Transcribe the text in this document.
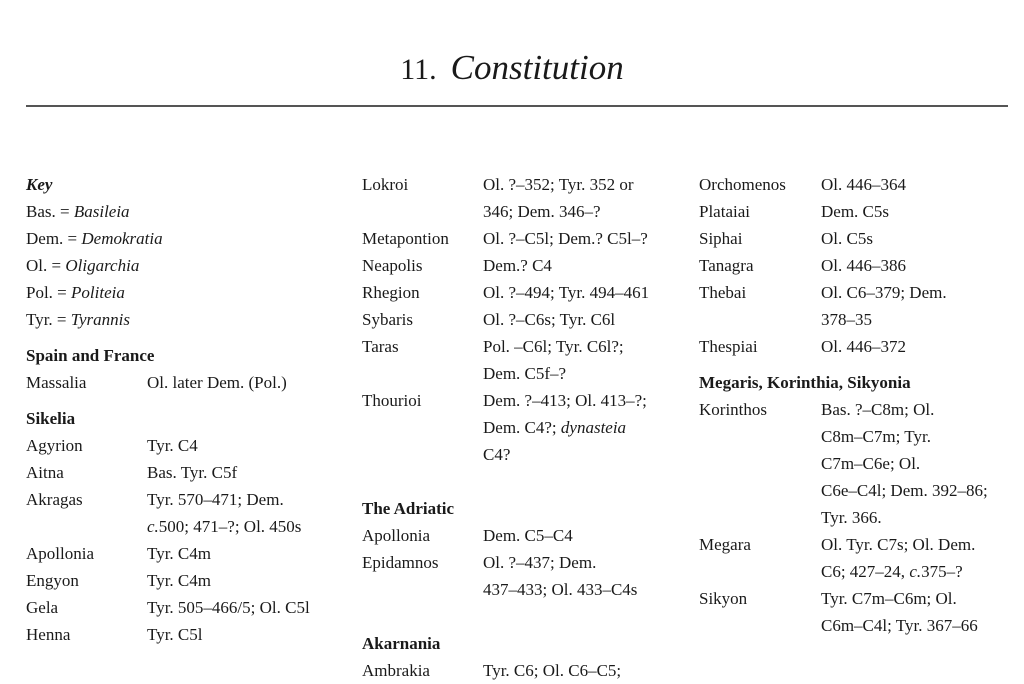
11. Constitution
Key
Bas. = Basileia
Dem. = Demokratia
Ol. = Oligarchia
Pol. = Politeia
Tyr. = Tyrannis
Spain and France
Massalia	Ol. later Dem. (Pol.)
Sikelia
Agyrion	Tyr. C4
Aitna	Bas. Tyr. C5f
Akragas	Tyr. 570–471; Dem.
c.500; 471–?; Ol. 450s
Apollonia	Tyr. C4m
Engyon	Tyr. C4m
Gela	Tyr. 505–466/5; Ol. C5l
Henna	Tyr. C5l
Lokroi	Ol. ?–352; Tyr. 352 or
346; Dem. 346–?
Metapontion	Ol. ?–C5l; Dem.? C5l–?
Neapolis	Dem.? C4
Rhegion	Ol. ?–494; Tyr. 494–461
Sybaris	Ol. ?–C6s; Tyr. C6l
Taras	Pol. –C6l; Tyr. C6l?;
Dem. C5f–?
Thourioi	Dem. ?–413; Ol. 413–?;
Dem. C4?; dynasteia
C4?
The Adriatic
Apollonia	Dem. C5–C4
Epidamnos	Ol. ?–437; Dem.
437–433; Ol. 433–C4s
Akarnania
Ambrakia	Tyr. C6; Ol. C6–C5;
Orchomenos	Ol. 446–364
Plataiai	Dem. C5s
Siphai	Ol. C5s
Tanagra	Ol. 446–386
Thebai	Ol. C6–379; Dem.
378–35
Thespiai	Ol. 446–372
Megaris, Korinthia, Sikyonia
Korinthos	Bas. ?–C8m; Ol.
C8m–C7m; Tyr.
C7m–C6e; Ol.
C6e–C4l; Dem. 392–86;
Tyr. 366.
Megara	Ol. Tyr. C7s; Ol. Dem.
C6; 427–24, c.375–?
Sikyon	Tyr. C7m–C6m; Ol.
C6m–C4l; Tyr. 367–66
